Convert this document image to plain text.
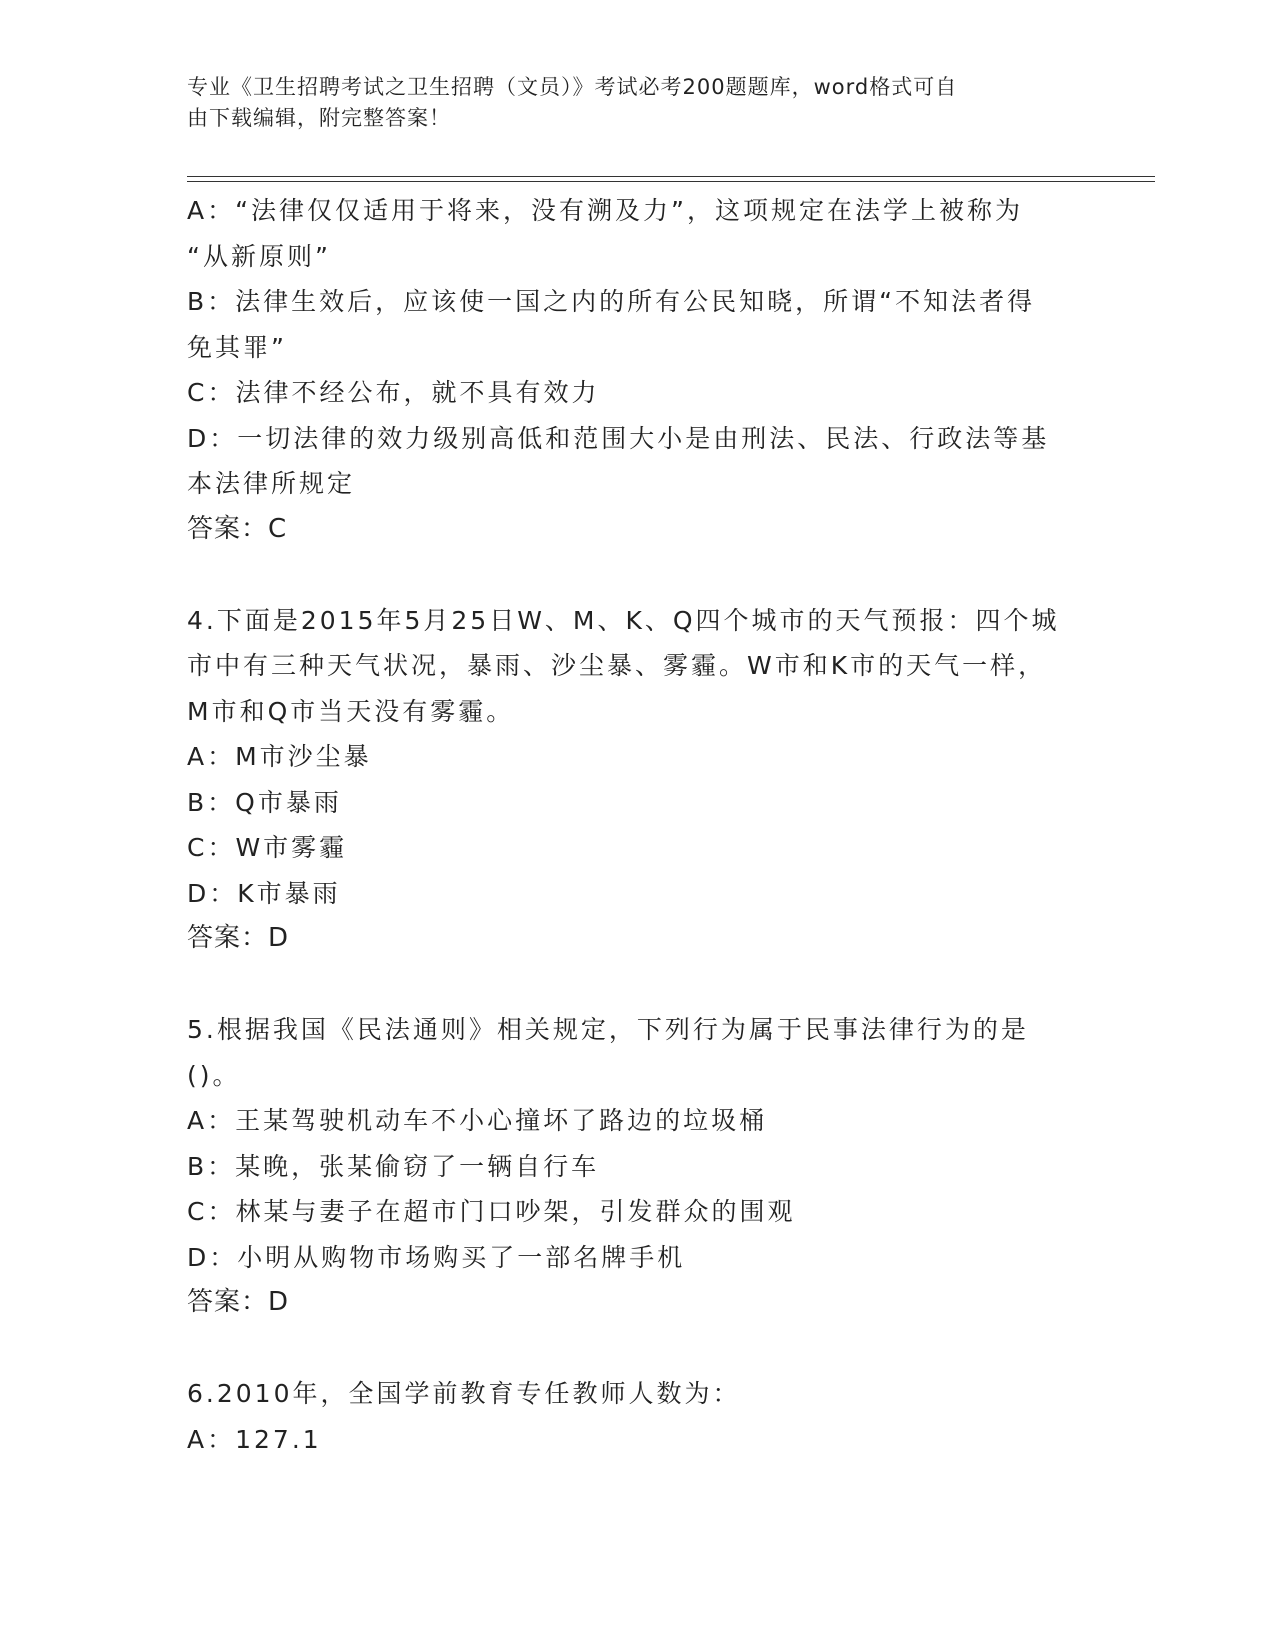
专业《卫生招聘考试之卫生招聘（文员）》考试必考200题题库，word格式可自
由下载编辑，附完整答案！
A：“法律仅仅适用于将来，没有溯及力”，这项规定在法学上被称为
“从新原则”
B：法律生效后，应该使一国之内的所有公民知晓，所谓“不知法者得
免其罪”
C：法律不经公布，就不具有效力
D：一切法律的效力级别高低和范围大小是由刑法、民法、行政法等基
本法律所规定
答案：C
4.下面是2015年5月25日W、M、K、Q四个城市的天气预报：四个城
市中有三种天气状况，暴雨、沙尘暴、雾霾。W市和K市的天气一样，
M市和Q市当天没有雾霾。
A：M市沙尘暴
B：Q市暴雨
C：W市雾霾
D：K市暴雨
答案：D
5.根据我国《民法通则》相关规定，下列行为属于民事法律行为的是
()。
A：王某驾驶机动车不小心撞坏了路边的垃圾桶
B：某晚，张某偷窃了一辆自行车
C：林某与妻子在超市门口吵架，引发群众的围观
D：小明从购物市场购买了一部名牌手机
答案：D
6.2010年，全国学前教育专任教师人数为：
A：127.1
